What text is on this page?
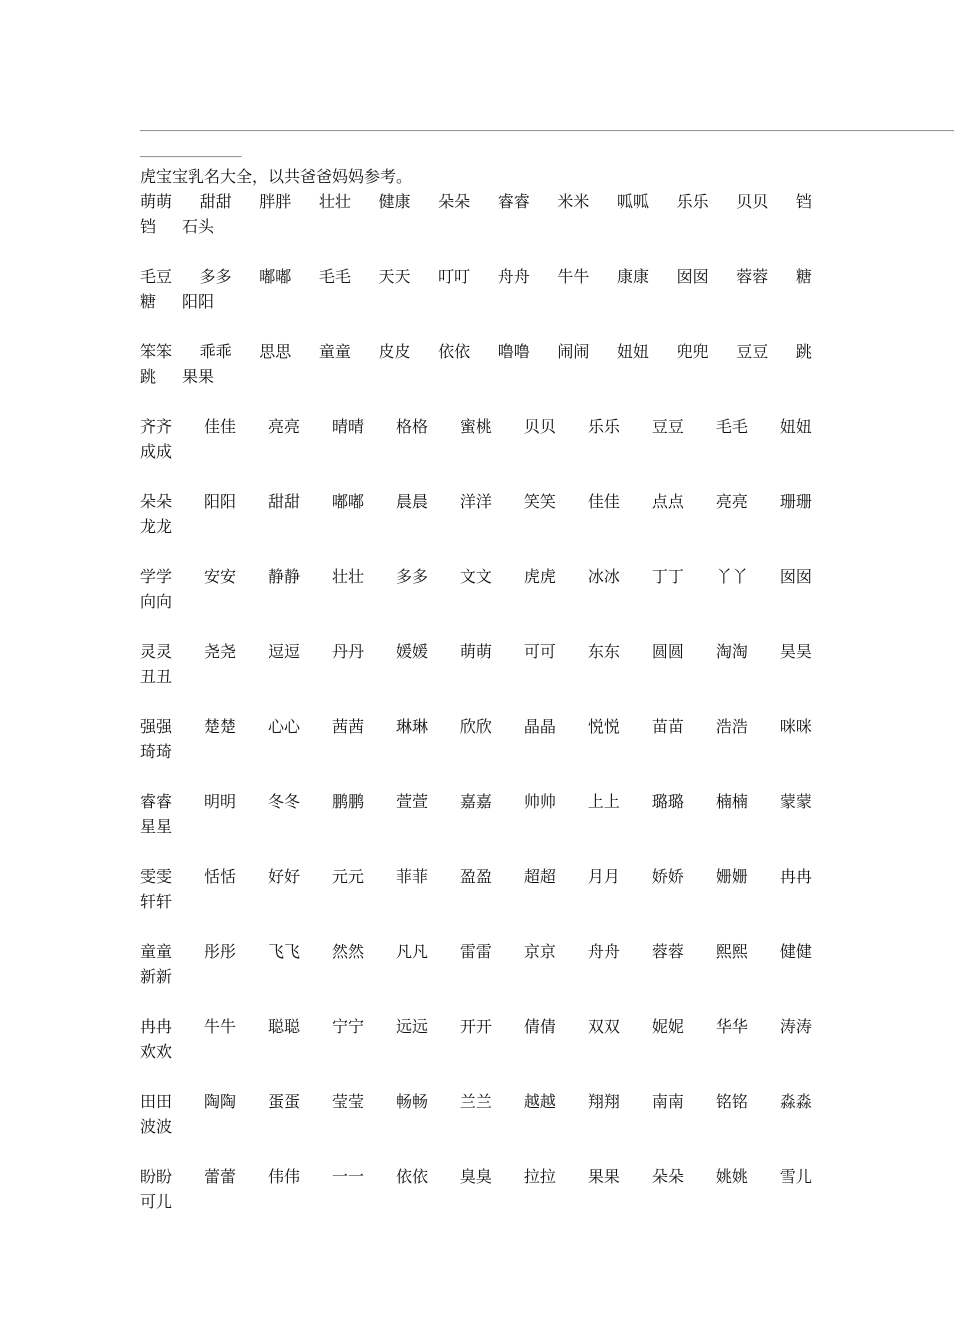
________________________________________________________________________________________________________
_____________
虎宝宝乳名大全，以共爸爸妈妈参考。
萌萌 甜甜 胖胖 壮壮 健康 朵朵 睿睿 米米 呱呱 乐乐 贝贝 铛
铛 石头
毛豆 多多 嘟嘟 毛毛 天天 叮叮 舟舟 牛牛 康康 囡囡 蓉蓉 糖
糖 阳阳
笨笨 乖乖 思思 童童 皮皮 依依 噜噜 闹闹 妞妞 兜兜 豆豆 跳
跳 果果
齐齐 佳佳 亮亮 晴晴 格格 蜜桃 贝贝 乐乐 豆豆 毛毛 妞妞
成成
朵朵 阳阳 甜甜 嘟嘟 晨晨 洋洋 笑笑 佳佳 点点 亮亮 珊珊
龙龙
学学 安安 静静 壮壮 多多 文文 虎虎 冰冰 丁丁 丫丫 囡囡
向向
灵灵 尧尧 逗逗 丹丹 媛媛 萌萌 可可 东东 圆圆 淘淘 昊昊
丑丑
强强 楚楚 心心 茜茜 琳琳 欣欣 晶晶 悦悦 苗苗 浩浩 咪咪
琦琦
睿睿 明明 冬冬 鹏鹏 萱萱 嘉嘉 帅帅 上上 璐璐 楠楠 蒙蒙
星星
雯雯 恬恬 好好 元元 菲菲 盈盈 超超 月月 娇娇 姗姗 冉冉
轩轩
童童 彤彤 飞飞 然然 凡凡 雷雷 京京 舟舟 蓉蓉 熙熙 健健
新新
冉冉 牛牛 聪聪 宁宁 远远 开开 倩倩 双双 妮妮 华华 涛涛
欢欢
田田 陶陶 蛋蛋 莹莹 畅畅 兰兰 越越 翔翔 南南 铭铭 淼淼
波波
盼盼 蕾蕾 伟伟 一一 依依 臭臭 拉拉 果果 朵朵 姚姚 雪儿
可儿
